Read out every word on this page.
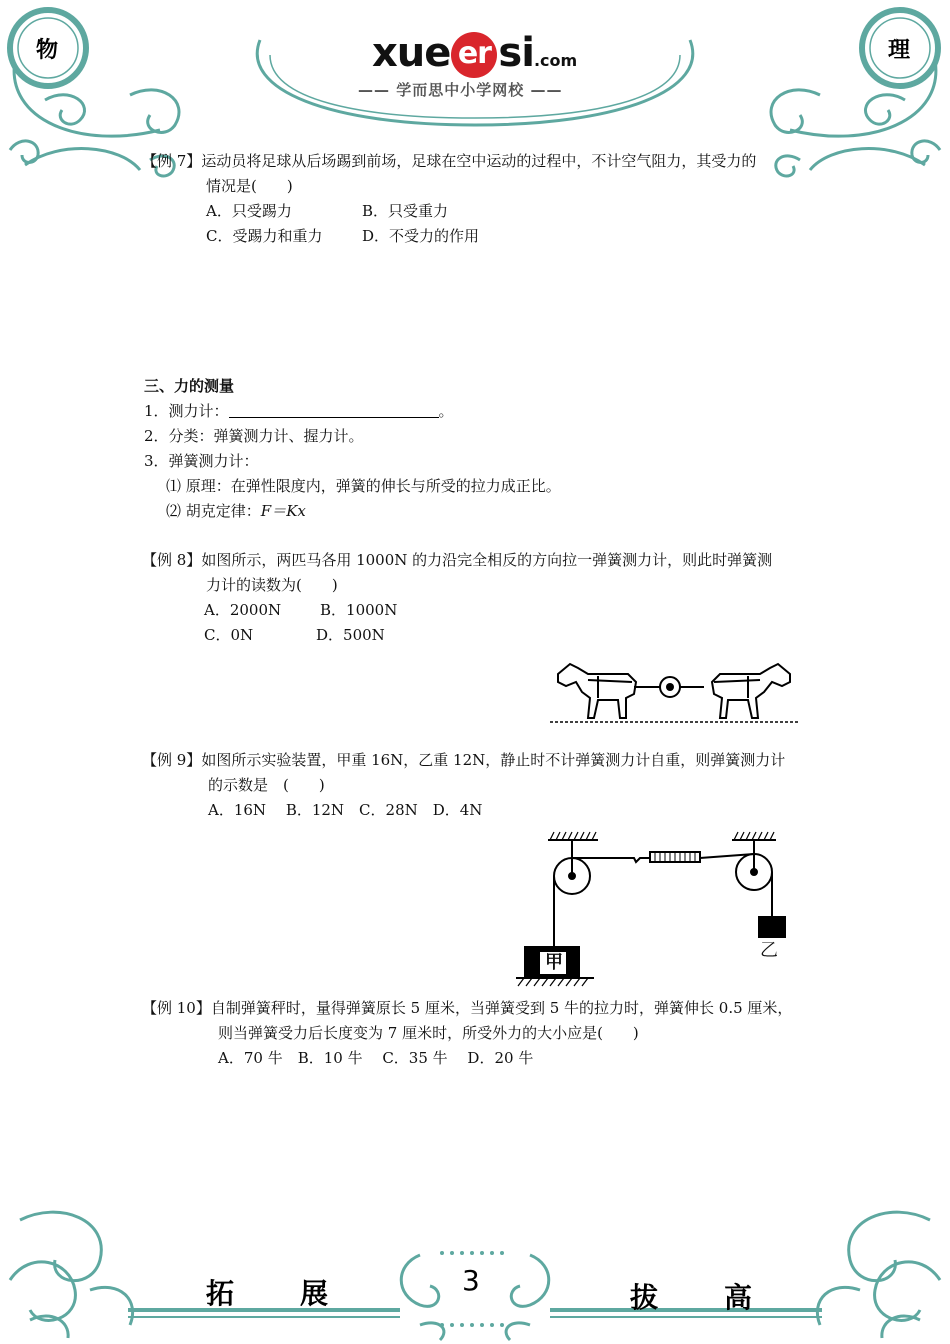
物	理
xue er si.com
—— 学而思中小学网校 ——
【例 7】运动员将足球从后场踢到前场，足球在空中运动的过程中，不计空气阻力，其受力的
情况是(　　)
A．只受踢力	B．只受重力
C．受踢力和重力	D．不受力的作用
三、力的测量
1．测力计：	。
2．分类：弹簧测力计、握力计。
3．弹簧测力计：
⑴ 原理：在弹性限度内，弹簧的伸长与所受的拉力成正比。
⑵ 胡克定律：F＝Kx
【例 8】如图所示，两匹马各用 1000N 的力沿完全相反的方向拉一弹簧测力计，则此时弹簧测
力计的读数为(　　)
A．2000N	B．1000N
C．0N	D．500N
【例 9】如图所示实验装置，甲重 16N，乙重 12N，静止时不计弹簧测力计自重，则弹簧测力计
的示数是　(　　)
A．16N　 B．12N　C．28N　D．4N
甲
乙
【例 10】自制弹簧秤时，量得弹簧原长 5 厘米，当弹簧受到 5 牛的拉力时，弹簧伸长 0.5 厘米，
则当弹簧受力后长度变为 7 厘米时，所受外力的大小应是(　　)
A．70 牛　B．10 牛　 C．35 牛　 D．20 牛
拓 展	3
拔 高
